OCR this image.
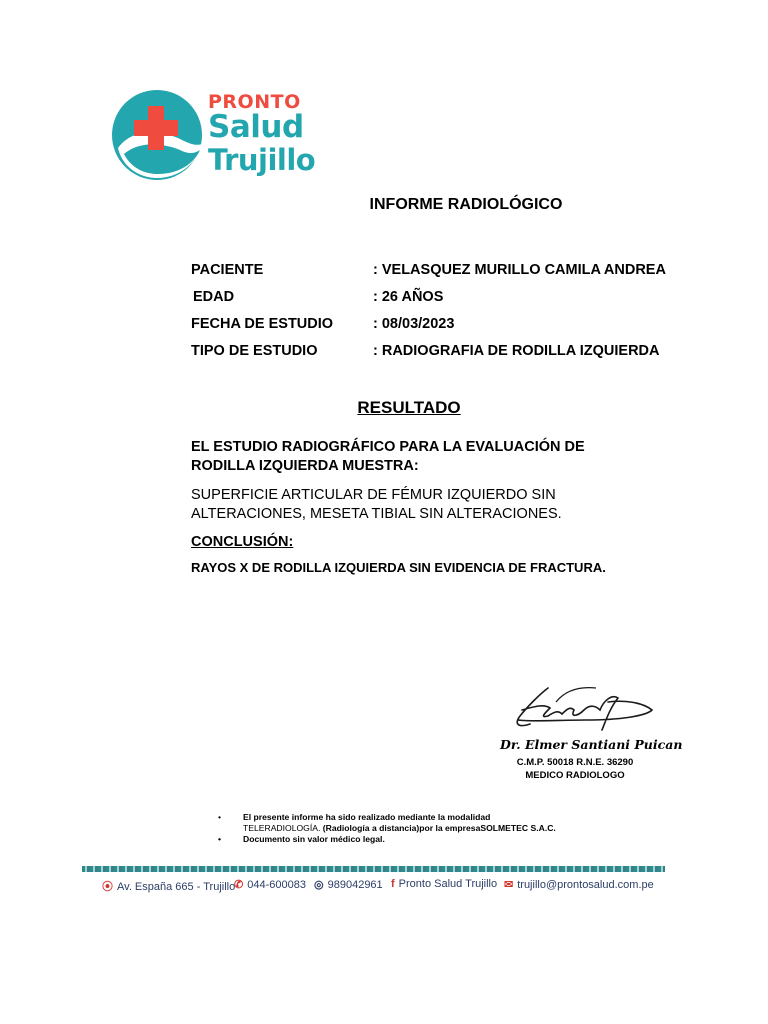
PRONTO
Salud
Trujillo
INFORME RADIOLÓGICO
PACIENTE	: VELASQUEZ MURILLO CAMILA ANDREA
EDAD	: 26 AÑOS
FECHA DE ESTUDIO	: 08/03/2023
TIPO DE ESTUDIO	: RADIOGRAFIA DE RODILLA IZQUIERDA
RESULTADO
EL ESTUDIO RADIOGRÁFICO PARA LA EVALUACIÓN DE RODILLA IZQUIERDA MUESTRA:
SUPERFICIE ARTICULAR DE FÉMUR IZQUIERDO SIN ALTERACIONES, MESETA TIBIAL SIN ALTERACIONES.
CONCLUSIÓN:
RAYOS X DE RODILLA IZQUIERDA SIN EVIDENCIA DE FRACTURA.
Dr. Elmer Santiani Puican
C.M.P. 50018 R.N.E. 36290
MEDICO RADIOLOGO
• El presente informe ha sido realizado mediante la modalidad
TELERADIOLOGÍA. (Radiología a distancia)por la empresaSOLMETEC S.A.C.
• Documento sin valor médico legal.
⦿ Av. España 665 - Trujillo
✆ 044-600083 ◎ 989042961 f Pronto Salud Trujillo ✉ trujillo@prontosalud.com.pe
